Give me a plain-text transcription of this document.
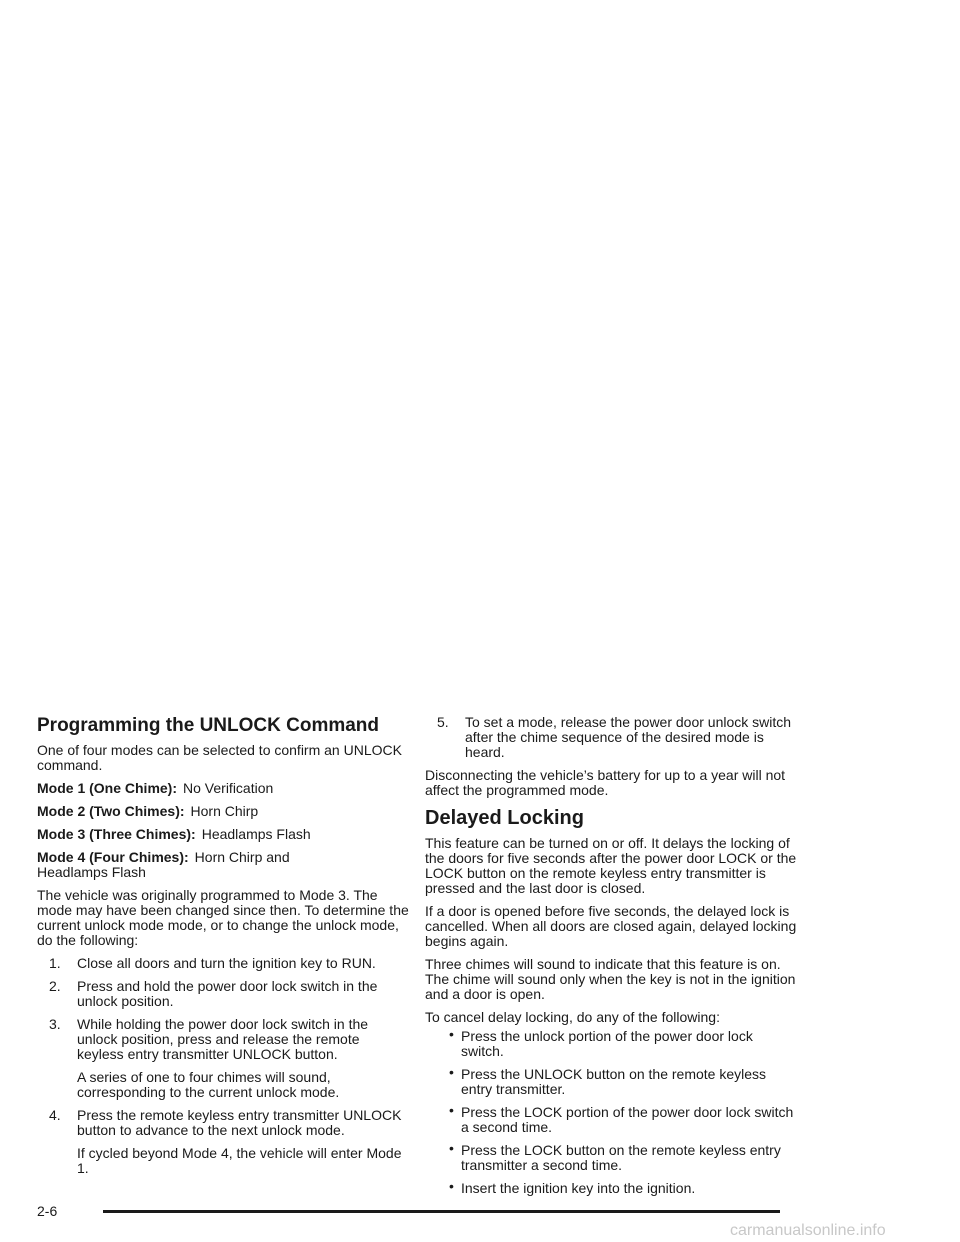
Programming the UNLOCK Command

One of four modes can be selected to confirm an UNLOCK command.

Mode 1 (One Chime): No Verification

Mode 2 (Two Chimes): Horn Chirp

Mode 3 (Three Chimes): Headlamps Flash

Mode 4 (Four Chimes): Horn Chirp and Headlamps Flash

The vehicle was originally programmed to Mode 3. The mode may have been changed since then. To determine the current unlock mode mode, or to change the unlock mode, do the following:

1.	Close all doors and turn the ignition key to RUN.
2.	Press and hold the power door lock switch in the unlock position.
3.	While holding the power door lock switch in the unlock position, press and release the remote keyless entry transmitter UNLOCK button.
A series of one to four chimes will sound, corresponding to the current unlock mode.
4.	Press the remote keyless entry transmitter UNLOCK button to advance to the next unlock mode.
If cycled beyond Mode 4, the vehicle will enter Mode 1.
5.	To set a mode, release the power door unlock switch after the chime sequence of the desired mode is heard.

Disconnecting the vehicle’s battery for up to a year will not affect the programmed mode.

Delayed Locking

This feature can be turned on or off. It delays the locking of the doors for five seconds after the power door LOCK or the LOCK button on the remote keyless entry transmitter is pressed and the last door is closed.

If a door is opened before five seconds, the delayed lock is cancelled. When all doors are closed again, delayed locking begins again.

Three chimes will sound to indicate that this feature is on. The chime will sound only when the key is not in the ignition and a door is open.

To cancel delay locking, do any of the following:

• Press the unlock portion of the power door lock switch.
• Press the UNLOCK button on the remote keyless entry transmitter.
• Press the LOCK portion of the power door lock switch a second time.
• Press the LOCK button on the remote keyless entry transmitter a second time.
• Insert the ignition key into the ignition.
2-6
carmanualsonline.info
